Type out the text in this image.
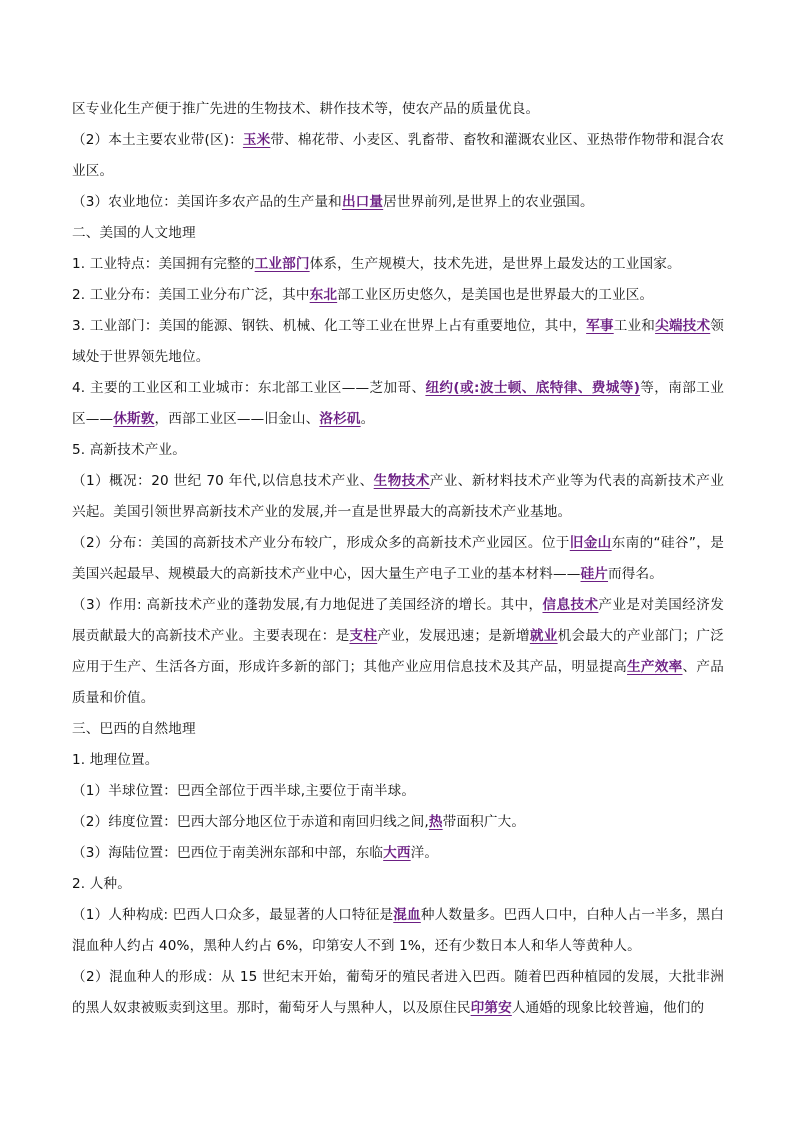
区专业化生产便于推广先进的生物技术、耕作技术等，使农产品的质量优良。

（2）本土主要农业带(区)：玉米带、棉花带、小麦区、乳畜带、畜牧和灌溉农业区、亚热带作物带和混合农业区。

（3）农业地位：美国许多农产品的生产量和出口量居世界前列,是世界上的农业强国。

二、美国的人文地理

1. 工业特点：美国拥有完整的工业部门体系，生产规模大，技术先进，是世界上最发达的工业国家。

2. 工业分布：美国工业分布广泛，其中东北部工业区历史悠久，是美国也是世界最大的工业区。

3. 工业部门：美国的能源、钢铁、机械、化工等工业在世界上占有重要地位，其中，军事工业和尖端技术领域处于世界领先地位。

4. 主要的工业区和工业城市：东北部工业区——芝加哥、纽约(或:波士顿、底特律、费城等)等，南部工业区——休斯敦，西部工业区——旧金山、洛杉矶。

5. 高新技术产业。

（1）概况：20 世纪 70 年代,以信息技术产业、生物技术产业、新材料技术产业等为代表的高新技术产业兴起。美国引领世界高新技术产业的发展,并一直是世界最大的高新技术产业基地。

（2）分布：美国的高新技术产业分布较广，形成众多的高新技术产业园区。位于旧金山东南的“硅谷”，是美国兴起最早、规模最大的高新技术产业中心，因大量生产电子工业的基本材料——硅片而得名。

（3）作用: 高新技术产业的蓬勃发展,有力地促进了美国经济的增长。其中，信息技术产业是对美国经济发展贡献最大的高新技术产业。主要表现在：是支柱产业，发展迅速；是新增就业机会最大的产业部门；广泛应用于生产、生活各方面，形成许多新的部门；其他产业应用信息技术及其产品，明显提高生产效率、产品质量和价值。

三、巴西的自然地理

1. 地理位置。

（1）半球位置：巴西全部位于西半球,主要位于南半球。

（2）纬度位置：巴西大部分地区位于赤道和南回归线之间,热带面积广大。

（3）海陆位置：巴西位于南美洲东部和中部，东临大西洋。

2. 人种。

（1）人种构成: 巴西人口众多，最显著的人口特征是混血种人数量多。巴西人口中，白种人占一半多，黑白混血种人约占 40%，黑种人约占 6%，印第安人不到 1%，还有少数日本人和华人等黄种人。

（2）混血种人的形成：从 15 世纪末开始，葡萄牙的殖民者进入巴西。随着巴西种植园的发展，大批非洲的黑人奴隶被贩卖到这里。那时，葡萄牙人与黑种人，以及原住民印第安人通婚的现象比较普遍，他们的
